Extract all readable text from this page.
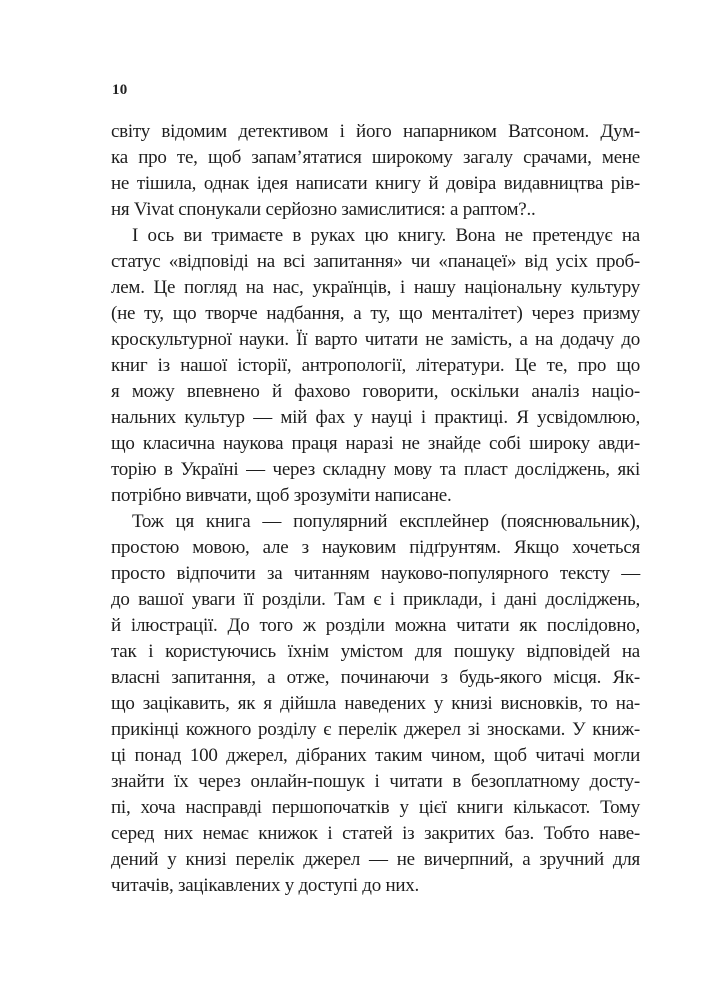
10
світу відомим детективом і його напарником Ватсоном. Дум-
ка про те, щоб запам’ятатися широкому загалу срачами, мене
не тішила, однак ідея написати книгу й довіра видавництва рів-
ня Vivat спонукали серйозно замислитися: а раптом?..
І ось ви тримаєте в руках цю книгу. Вона не претендує на
статус «відповіді на всі запитання» чи «панацеї» від усіх проб-
лем. Це погляд на нас, українців, і нашу національну культуру
(не ту, що творче надбання, а ту, що менталітет) через призму
кроскультурної науки. Її варто читати не замість, а на додачу до
книг із нашої історії, антропології, літератури. Це те, про що
я можу впевнено й фахово говорити, оскільки аналіз націо-
нальних культур — мій фах у науці і практиці. Я усвідомлюю,
що класична наукова праця наразі не знайде собі широку авди-
торію в Україні — через складну мову та пласт досліджень, які
потрібно вивчати, щоб зрозуміти написане.
Тож ця книга — популярний експлейнер (пояснювальник),
простою мовою, але з науковим підґрунтям. Якщо хочеться
просто відпочити за читанням науково-популярного тексту —
до вашої уваги її розділи. Там є і приклади, і дані досліджень,
й ілюстрації. До того ж розділи можна читати як послідовно,
так і користуючись їхнім умістом для пошуку відповідей на
власні запитання, а отже, починаючи з будь-якого місця. Як-
що зацікавить, як я дійшла наведених у книзі висновків, то на-
прикінці кожного розділу є перелік джерел зі зносками. У книж-
ці понад 100 джерел, дібраних таким чином, щоб читачі могли
знайти їх через онлайн-пошук і читати в безоплатному досту-
пі, хоча насправді першопочатків у цієї книги кількасот. Тому
серед них немає книжок і статей із закритих баз. Тобто наве-
дений у книзі перелік джерел — не вичерпний, а зручний для
читачів, зацікавлених у доступі до них.
